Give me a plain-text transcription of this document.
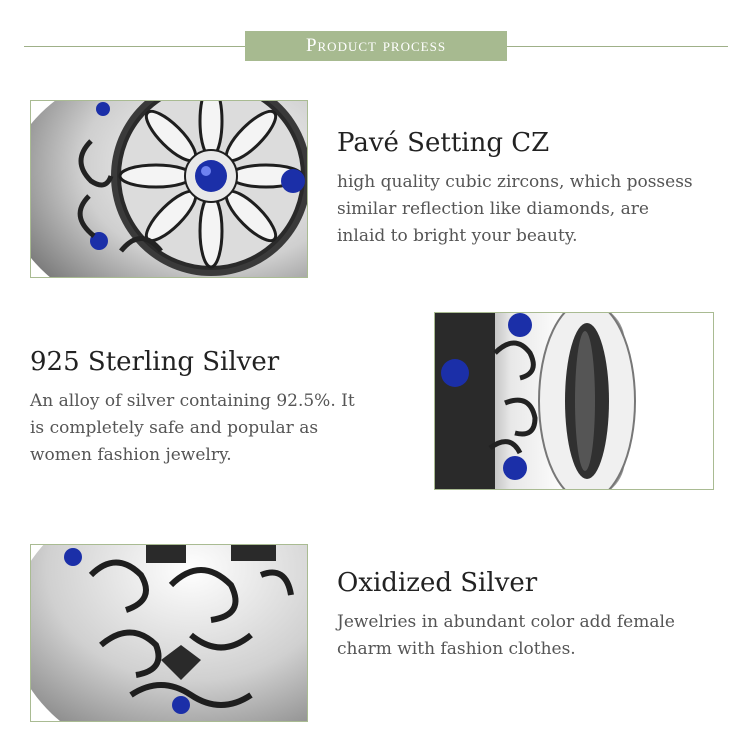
Product process
Pavé Setting CZ
high quality cubic zircons, which possess
similar reflection like diamonds, are
inlaid to bright your beauty.
925 Sterling Silver
An alloy of silver containing 92.5%. It
is completely safe and popular as
women fashion jewelry.
Oxidized Silver
Jewelries in abundant color add female
charm with fashion clothes.
